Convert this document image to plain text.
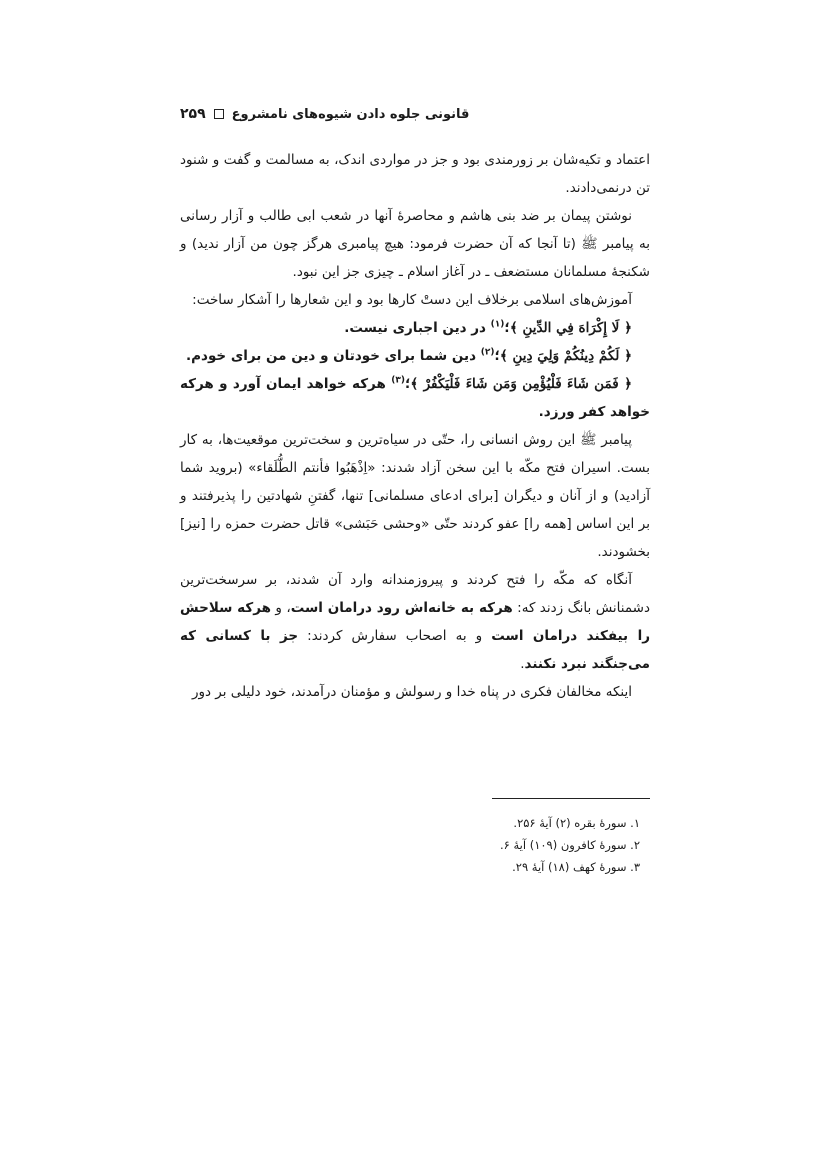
قانونی جلوه دادن شیوه‌های نامشروع
۲۵۹

اعتماد و تکیه‌شان بر زورمندی بود و جز در مواردی اندک، به مسالمت و گفت و شنود تن درنمی‌دادند.

نوشتن پیمان بر ضد بنی هاشم و محاصرهٔ آنها در شعب ابی طالب و آزار رسانی به پیامبر ﷺ (تا آنجا که آن حضرت فرمود: هیچ پیامبری هرگز چون من آزار ندید) و شکنجهٔ مسلمانان مستضعف ـ در آغاز اسلام ـ چیزی جز این نبود.

آموزش‌های اسلامی برخلاف این دستْ کارها بود و این شعارها را آشکار ساخت:

﴿ لَا إِكْرَاهَ فِي الدِّينِ ﴾؛$^{(۱)}$ در دین اجباری نیست.

﴿ لَكُمْ دِينُكُمْ وَلِيَ دِينِ ﴾؛$^{(۲)}$ دین شما برای خودتان و دین من برای خودم.

﴿ فَمَن شَاءَ فَلْيُؤْمِن وَمَن شَاءَ فَلْيَكْفُرْ ﴾؛$^{(۳)}$ هرکه خواهد ایمان آورد و هرکه خواهد کفر ورزد.

پیامبر ﷺ این روش انسانی را، حتّی در سیاه‌ترین و سخت‌ترین موقعیت‌ها، به کار بست. اسیران فتح مکّه با این سخن آزاد شدند: «اِذْهَبُوا فأنتم الطُّلَقاء» (بروید شما آزادید) و از آنان و دیگران [برای ادعای مسلمانی] تنها، گفتنِ شهادتین را پذیرفتند و بر این اساس [همه را] عفو کردند حتّی «وحشی حَبَشی» قاتل حضرت حمزه را [نیز] بخشودند.

آنگاه که مکّه را فتح کردند و پیروزمندانه وارد آن شدند، بر سرسخت‌ترین دشمنانش بانگ زدند که: هرکه به خانه‌اش رود درامان است، و هرکه سلاحش را بیفکند درامان است و به اصحاب سفارش کردند: جز با کسانی که می‌جنگند نبرد نکنند.

اینکه مخالفان فکری در پناه خدا و رسولش و مؤمنان درآمدند، خود دلیلی بر دور

۱. سورهٔ بقره (۲) آیهٔ ۲۵۶.
۲. سورهٔ کافرون (۱۰۹) آیهٔ ۶.
۳. سورهٔ کهف (۱۸) آیهٔ ۲۹.
